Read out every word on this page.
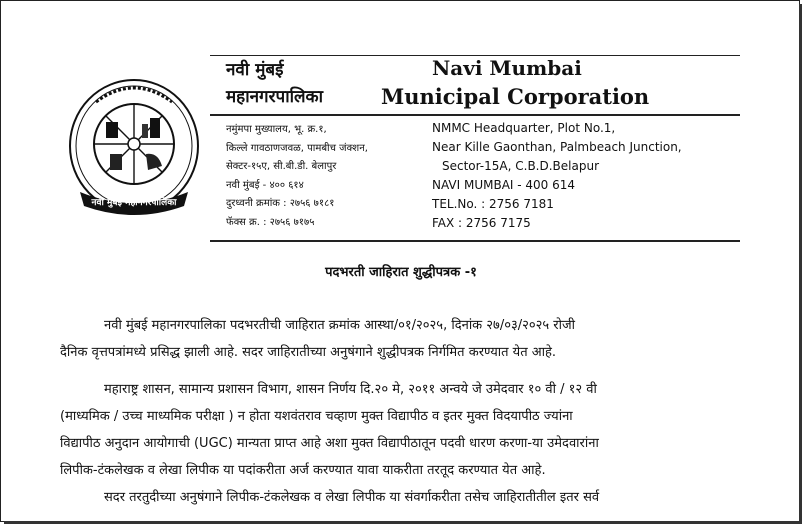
नवी मुंबई महानगरपालिका
नवी मुंबई
महानगरपालिका
Navi Mumbai
Municipal Corporation
नमुंमपा मुख्यालय, भू. क्र.१,
किल्ले गावठाणजवळ, पामबीच जंक्शन,
सेक्टर-१५ए, सी.बी.डी. बेलापुर
नवी मुंबई - ४०० ६१४
दुरध्वनी क्रमांक : २७५६ ७१८१
फॅक्स क्र. : २७५६ ७१७५
NMMC Headquarter, Plot No.1,
Near Kille Gaonthan, Palmbeach Junction,
Sector-15A, C.B.D.Belapur
NAVI MUMBAI - 400 614
TEL.No. : 2756 7181
FAX : 2756 7175
पदभरती जाहिरात शुद्धीपत्रक -१
नवी मुंबई महानगरपालिका पदभरतीची जाहिरात क्रमांक आस्था/०१/२०२५, दिनांक २७/०३/२०२५ रोजी
दैनिक वृत्तपत्रांमध्ये प्रसिद्ध झाली आहे. सदर जाहिरातीच्या अनुषंगाने शुद्धीपत्रक निर्गमित करण्यात येत आहे.
महाराष्ट्र शासन, सामान्य प्रशासन विभाग, शासन निर्णय दि.२० मे, २०११ अन्वये जे उमेदवार १० वी / १२ वी
(माध्यमिक / उच्च माध्यमिक परीक्षा ) न होता यशवंतराव चव्हाण मुक्त विद्यापीठ व इतर मुक्त विदयापीठ ज्यांना
विद्यापीठ अनुदान आयोगाची (UGC) मान्यता प्राप्त आहे अशा मुक्त विद्यापीठातून पदवी धारण करणा-या उमेदवारांना
लिपीक-टंकलेखक व लेखा लिपीक या पदांकरीता अर्ज करण्यात यावा याकरीता तरतूद करण्यात येत आहे.
सदर तरतुदीच्या अनुषंगाने लिपीक-टंकलेखक व लेखा लिपीक या संवर्गाकरीता तसेच जाहिरातीतील इतर सर्व
